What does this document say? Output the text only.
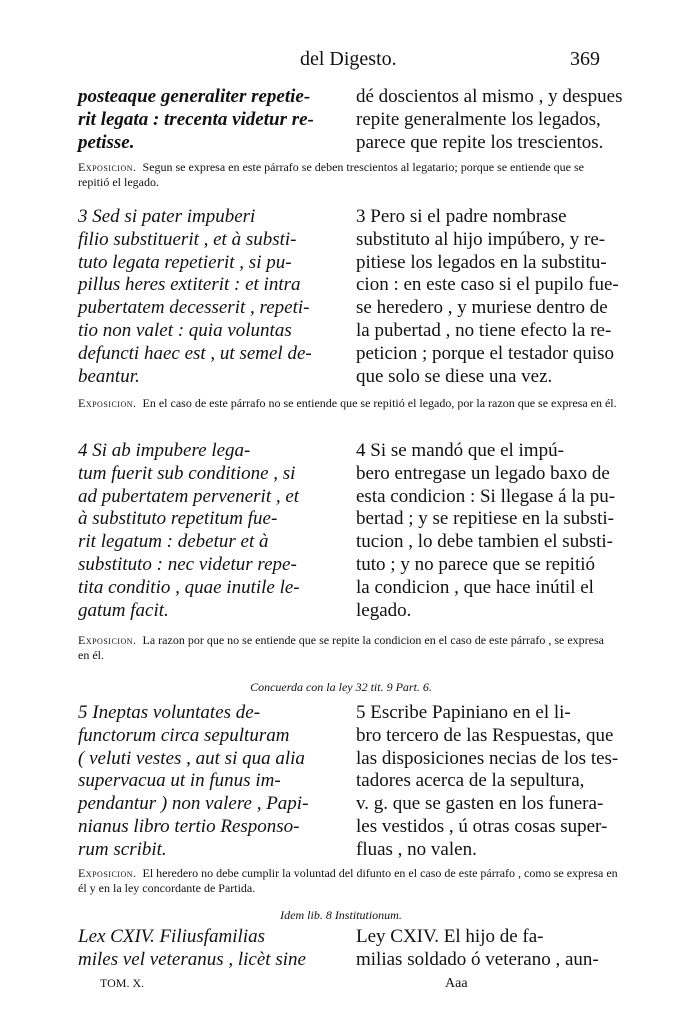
del Digesto.	369
posteaque generaliter repetie-
rit legata : trecenta videtur re-
petisse.
dé doscientos al mismo , y despues
repite generalmente los legados,
parece que repite los trescientos.
Exposicion. Segun se expresa en este párrafo se deben trescientos al legatario; porque se entiende que se repitió el legado.
3 Sed si pater impuberi
filio substituerit , et à substi-
tuto legata repetierit , si pu-
pillus heres extiterit : et intra
pubertatem decesserit , repeti-
tio non valet : quia voluntas
defuncti haec est , ut semel de-
beantur.
3 Pero si el padre nombrase
substituto al hijo impúbero, y re-
pitiese los legados en la substitu-
cion : en este caso si el pupilo fue-
se heredero , y muriese dentro de
la pubertad , no tiene efecto la re-
peticion ; porque el testador quiso
que solo se diese una vez.
Exposicion. En el caso de este párrafo no se entiende que se repitió el legado, por la razon que se expresa en él.
4 Si ab impubere lega-
tum fuerit sub conditione , si
ad pubertatem pervenerit , et
à substituto repetitum fue-
rit legatum : debetur et à
substituto : nec videtur repe-
tita conditio , quae inutile le-
gatum facit.
4 Si se mandó que el impú-
bero entregase un legado baxo de
esta condicion : Si llegase á la pu-
bertad ; y se repitiese en la substi-
tucion , lo debe tambien el substi-
tuto ; y no parece que se repitió
la condicion , que hace inútil el
legado.
Exposicion. La razon por que no se entiende que se repite la condicion en el caso de este párrafo , se expresa en él.
Concuerda con la ley 32 tit. 9 Part. 6.
5 Ineptas voluntates de-
functorum circa sepulturam
( veluti vestes , aut si qua alia
supervacua ut in funus im-
pendantur ) non valere , Papi-
nianus libro tertio Responso-
rum scribit.
5 Escribe Papiniano en el li-
bro tercero de las Respuestas, que
las disposiciones necias de los tes-
tadores acerca de la sepultura,
v. g. que se gasten en los funera-
les vestidos , ú otras cosas super-
fluas , no valen.
Exposicion. El heredero no debe cumplir la voluntad del difunto en el caso de este párrafo , como se expresa en él y en la ley concordante de Partida.
Idem lib. 8 Institutionum.
Lex CXIV. Filiusfamilias
miles vel veteranus , licèt sine
Ley CXIV. El hijo de fa-
milias soldado ó veterano , aun-
TOM. X.	Aaa
